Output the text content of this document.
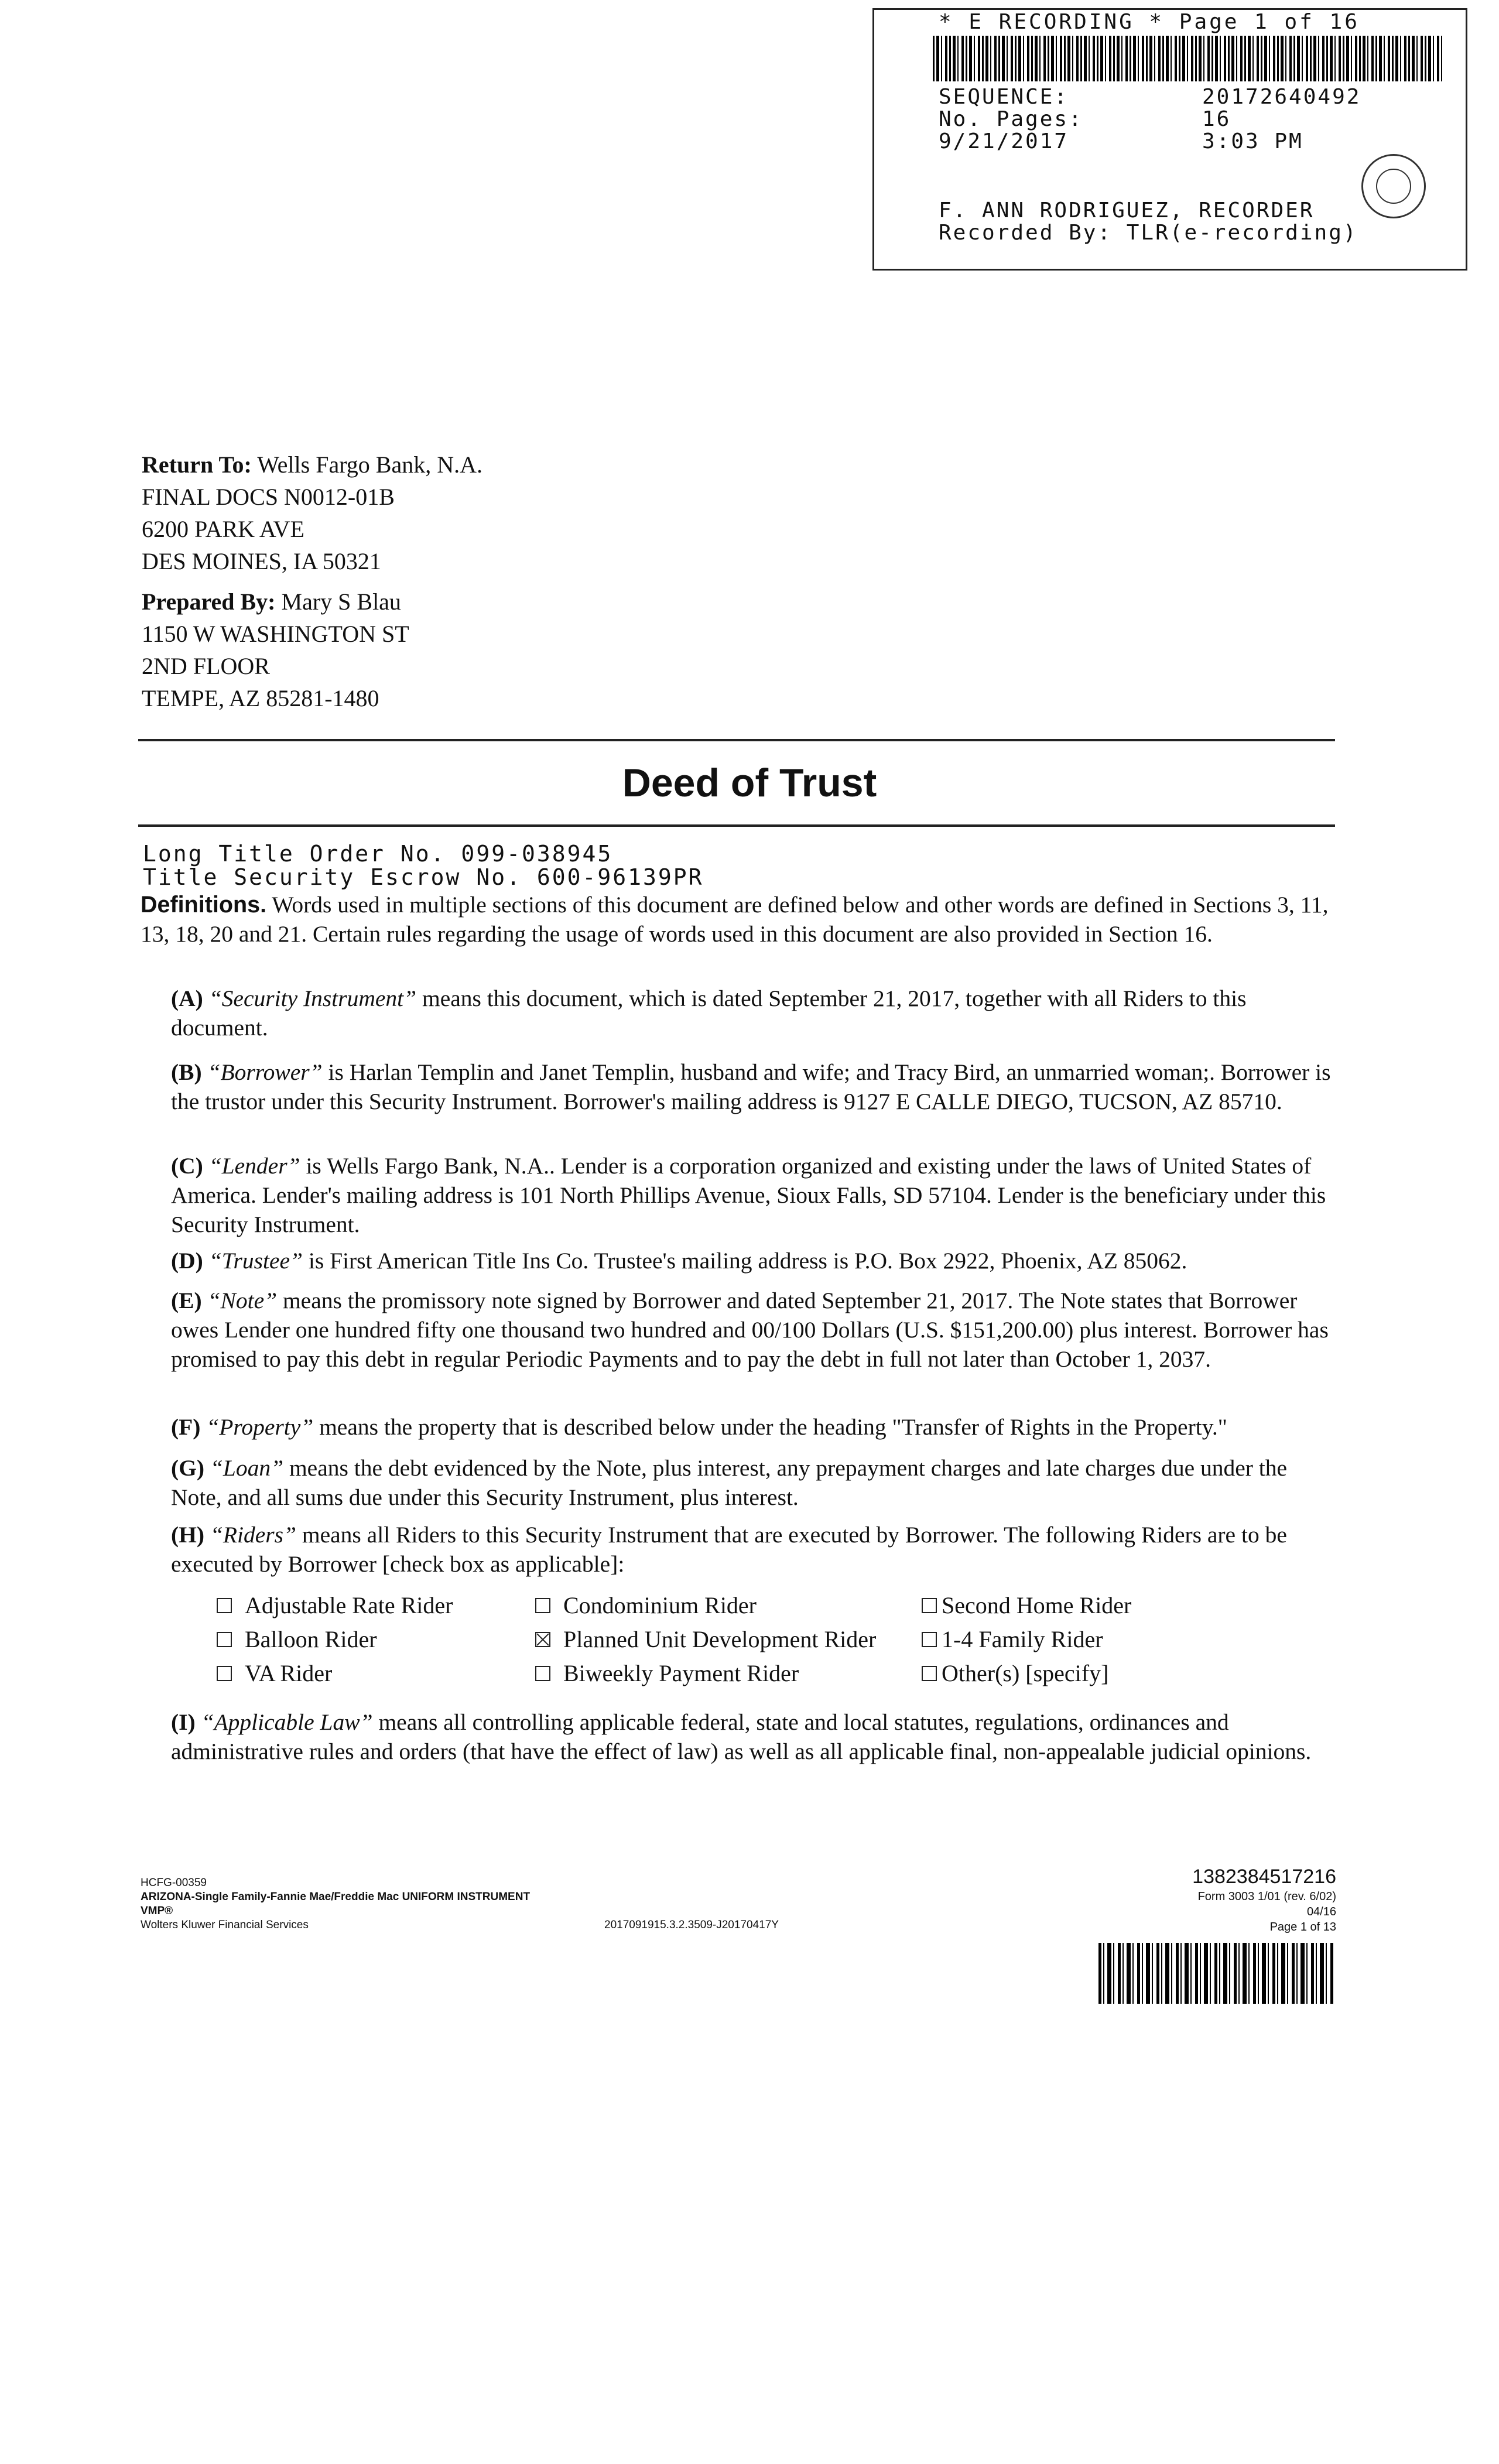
* E RECORDING * Page 1 of 16
SEQUENCE:	20172640492
No. Pages:	16
9/21/2017	3:03 PM
F. ANN RODRIGUEZ, RECORDER
Recorded By: TLR(e-recording)
Return To: Wells Fargo Bank, N.A.
FINAL DOCS N0012-01B
6200 PARK AVE
DES MOINES, IA 50321
Prepared By: Mary S Blau
1150 W WASHINGTON ST
2ND FLOOR
TEMPE, AZ 85281-1480
Deed of Trust
Long Title Order No. 099-038945
Title Security Escrow No. 600-96139PR
Definitions. Words used in multiple sections of this document are defined below and other words are defined in Sections 3, 11, 13, 18, 20 and 21. Certain rules regarding the usage of words used in this document are also provided in Section 16.
(A) “Security Instrument” means this document, which is dated September 21, 2017, together with all Riders to this document.
(B) “Borrower” is Harlan Templin and Janet Templin, husband and wife; and Tracy Bird, an unmarried woman;. Borrower is the trustor under this Security Instrument. Borrower's mailing address is 9127 E CALLE DIEGO, TUCSON, AZ 85710.
(C) “Lender” is Wells Fargo Bank, N.A.. Lender is a corporation organized and existing under the laws of United States of America. Lender's mailing address is 101 North Phillips Avenue, Sioux Falls, SD 57104. Lender is the beneficiary under this Security Instrument.
(D) “Trustee” is First American Title Ins Co. Trustee's mailing address is P.O. Box 2922, Phoenix, AZ 85062.
(E) “Note” means the promissory note signed by Borrower and dated September 21, 2017. The Note states that Borrower owes Lender one hundred fifty one thousand two hundred and 00/100 Dollars (U.S. $151,200.00) plus interest. Borrower has promised to pay this debt in regular Periodic Payments and to pay the debt in full not later than October 1, 2037.
(F) “Property” means the property that is described below under the heading "Transfer of Rights in the Property."
(G) “Loan” means the debt evidenced by the Note, plus interest, any prepayment charges and late charges due under the Note, and all sums due under this Security Instrument, plus interest.
(H) “Riders” means all Riders to this Security Instrument that are executed by Borrower. The following Riders are to be executed by Borrower [check box as applicable]:
Adjustable Rate Rider	Condominium Rider	Second Home Rider
Balloon Rider	Planned Unit Development Rider	1-4 Family Rider
VA Rider	Biweekly Payment Rider	Other(s) [specify]
(I) “Applicable Law” means all controlling applicable federal, state and local statutes, regulations, ordinances and administrative rules and orders (that have the effect of law) as well as all applicable final, non-appealable judicial opinions.
HCFG-00359
ARIZONA-Single Family-Fannie Mae/Freddie Mac UNIFORM INSTRUMENT
VMP®
Wolters Kluwer Financial Services	2017091915.3.2.3509-J20170417Y
1382384517216
Form 3003 1/01 (rev. 6/02)
04/16
Page 1 of 13
